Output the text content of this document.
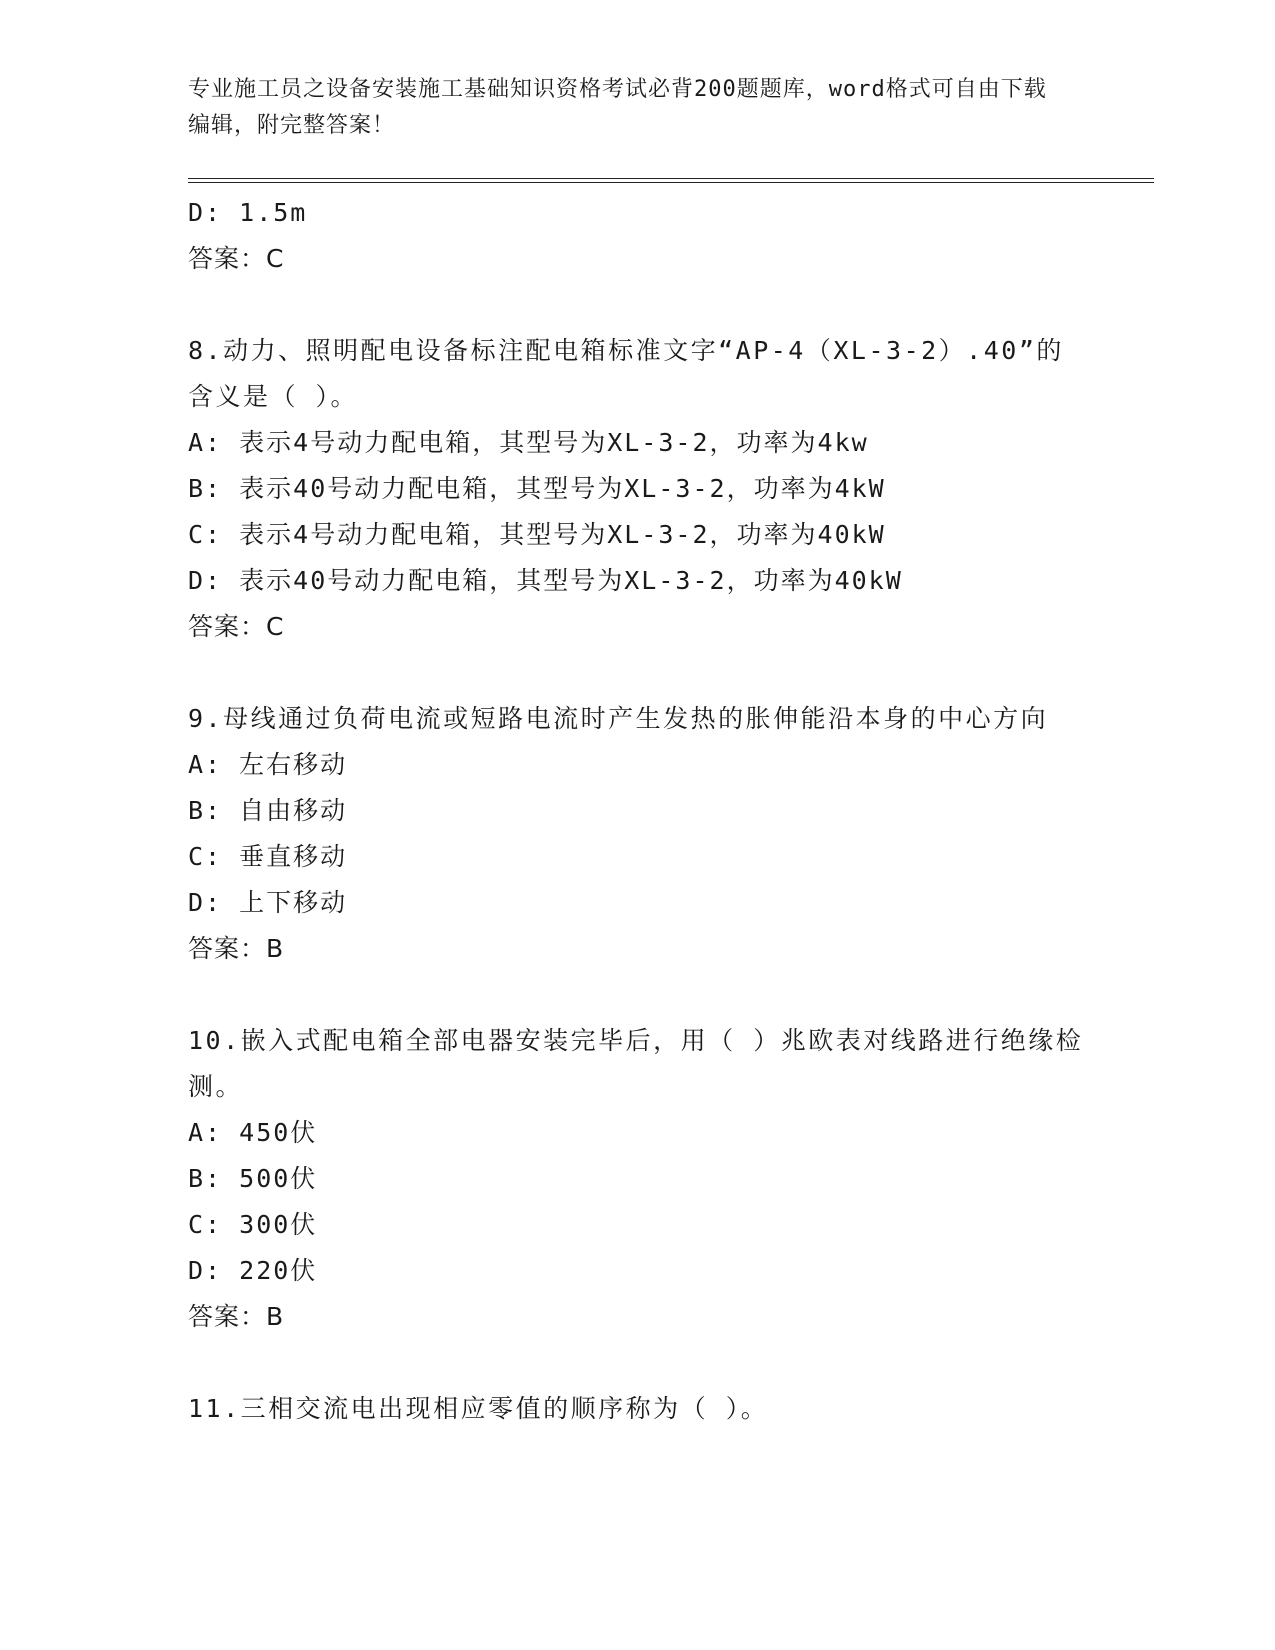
专业施工员之设备安装施工基础知识资格考试必背200题题库，word格式可自由下载编辑，附完整答案！
D: 1.5m
答案：C
8.动力、照明配电设备标注配电箱标准文字“AP-4（XL-3-2）.40”的含义是（ ）。
A: 表示4号动力配电箱，其型号为XL-3-2，功率为4kw
B: 表示40号动力配电箱，其型号为XL-3-2，功率为4kW
C: 表示4号动力配电箱，其型号为XL-3-2，功率为40kW
D: 表示40号动力配电箱，其型号为XL-3-2，功率为40kW
答案：C
9.母线通过负荷电流或短路电流时产生发热的胀伸能沿本身的中心方向
A: 左右移动
B: 自由移动
C: 垂直移动
D: 上下移动
答案：B
10.嵌入式配电箱全部电器安装完毕后，用（ ）兆欧表对线路进行绝缘检测。
A: 450伏
B: 500伏
C: 300伏
D: 220伏
答案：B
11.三相交流电出现相应零值的顺序称为（ ）。
